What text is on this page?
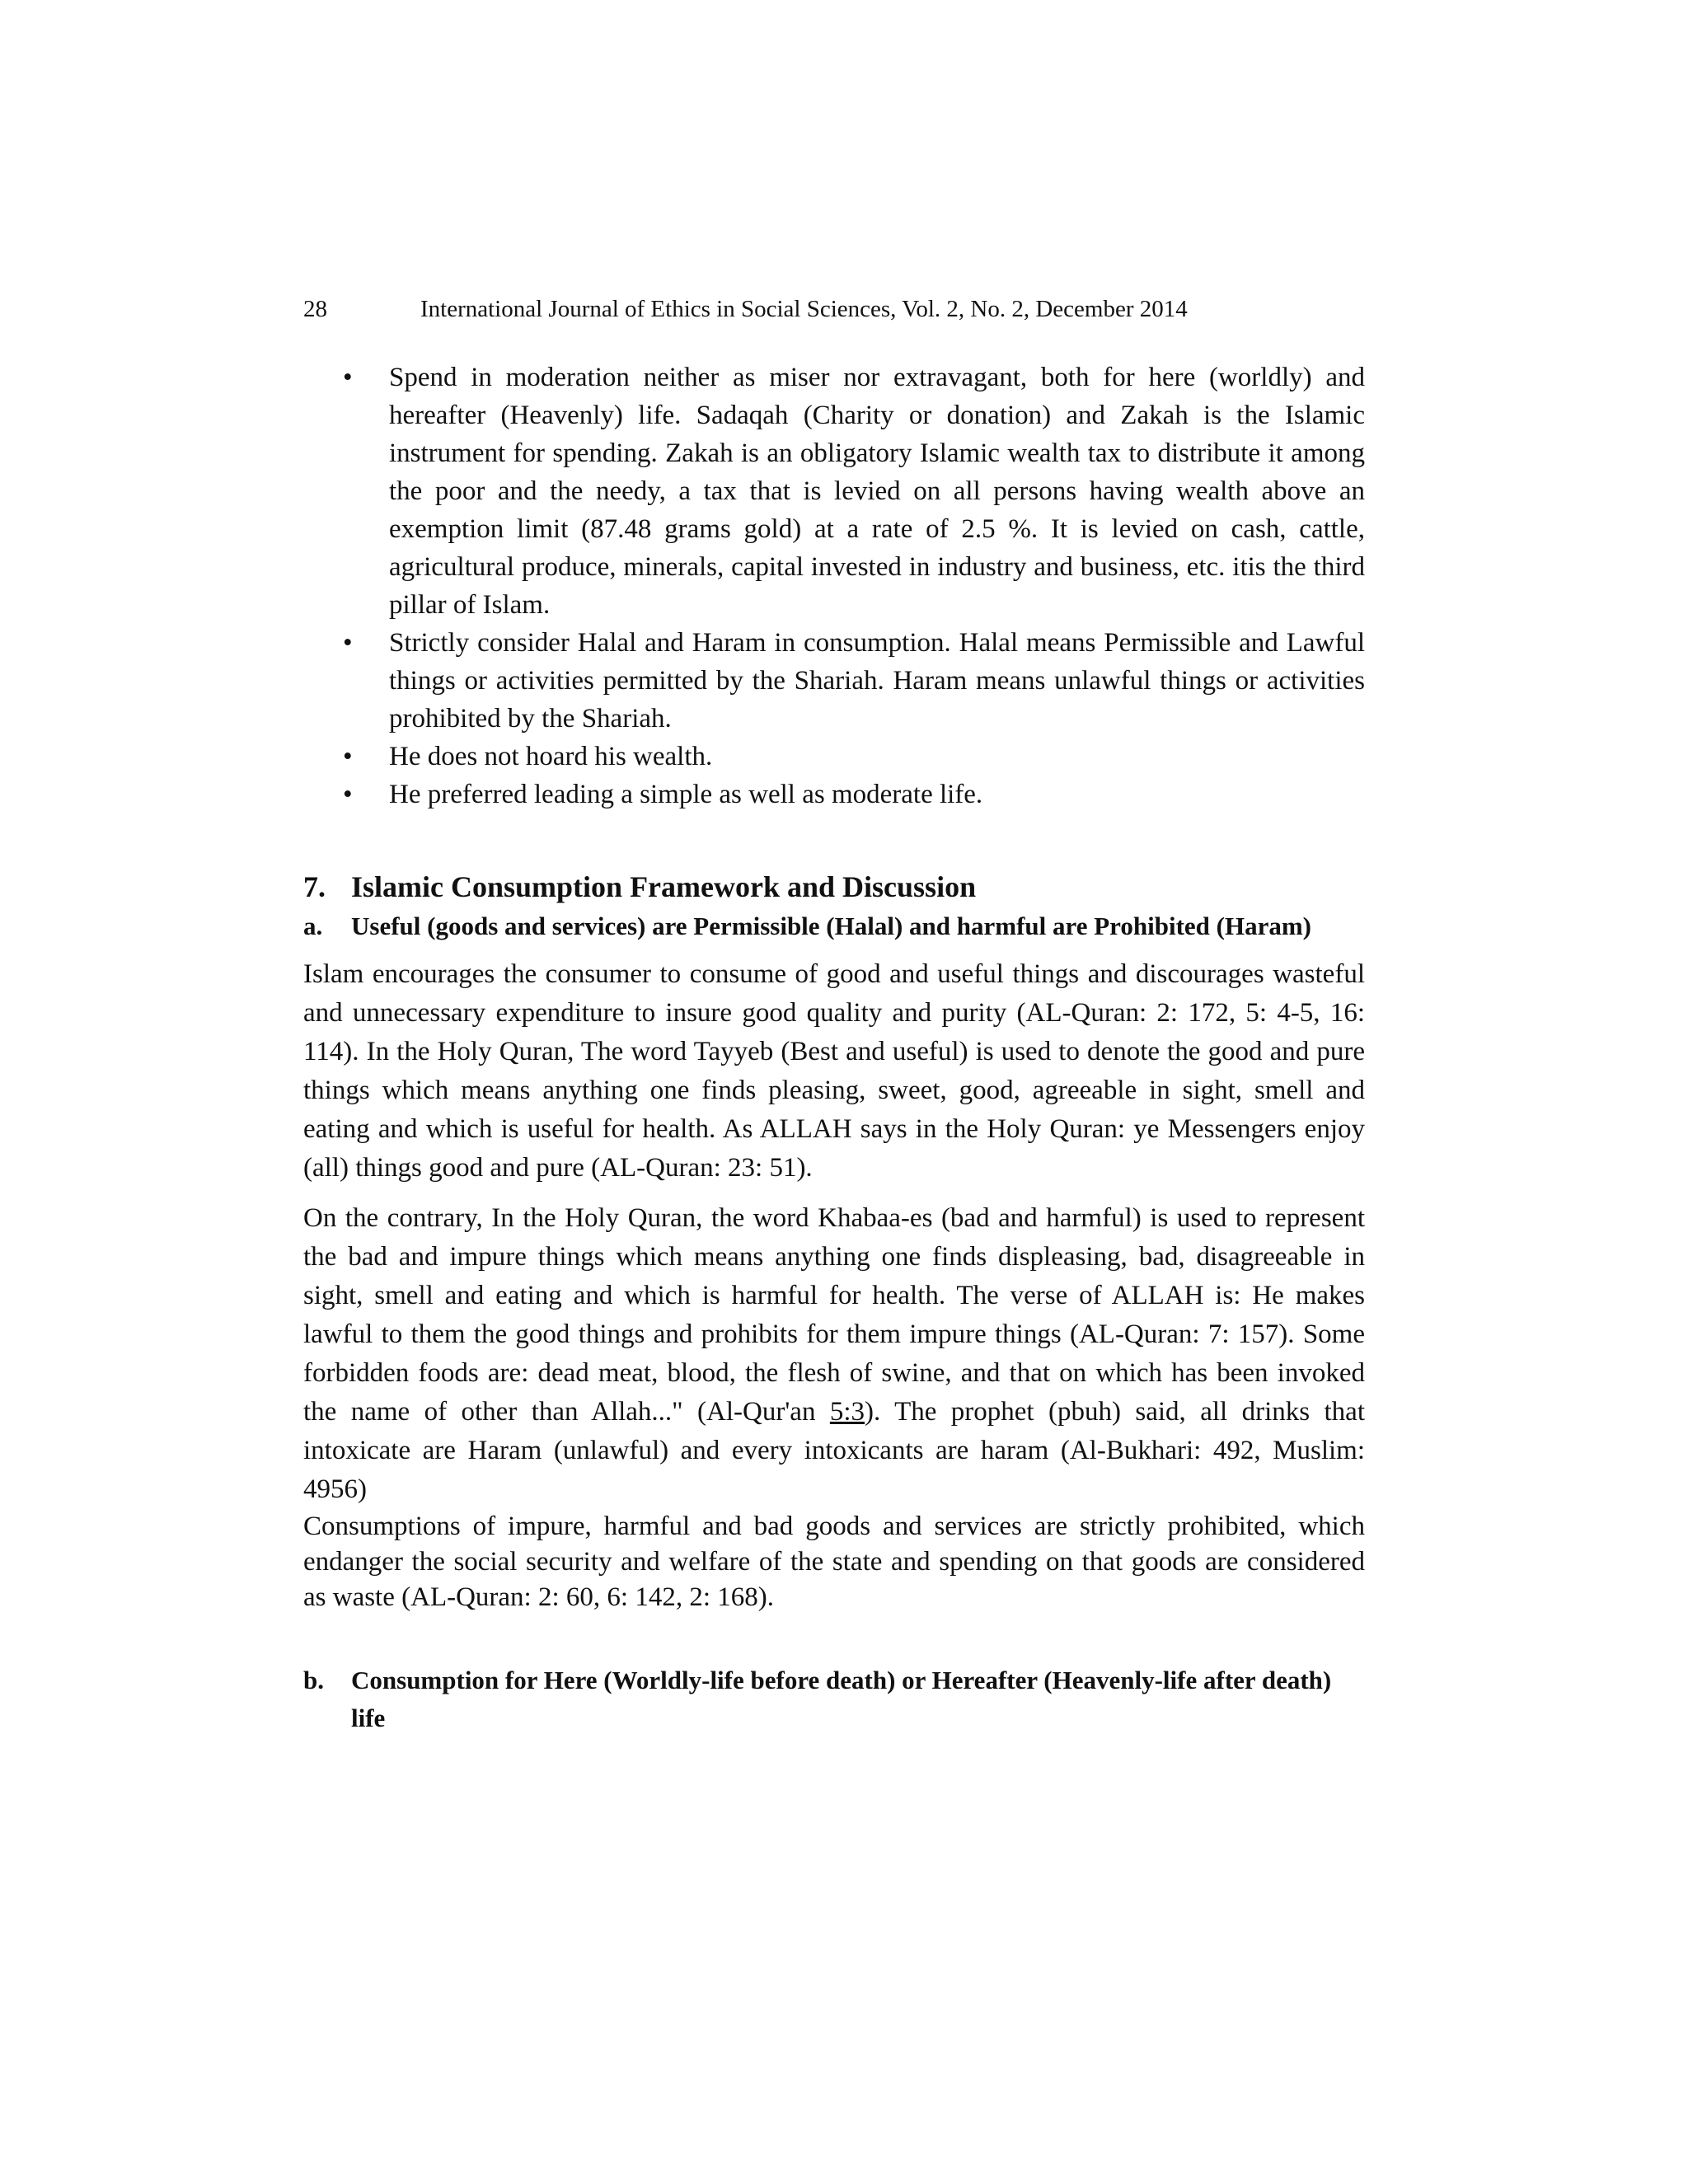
28	International Journal of Ethics in Social Sciences, Vol. 2, No. 2, December 2014
• Spend in moderation neither as miser nor extravagant, both for here (worldly) and hereafter (Heavenly) life. Sadaqah (Charity or donation) and Zakah is the Islamic instrument for spending. Zakah is an obligatory Islamic wealth tax to distribute it among the poor and the needy, a tax that is levied on all persons having wealth above an exemption limit (87.48 grams gold) at a rate of 2.5 %. It is levied on cash, cattle, agricultural produce, minerals, capital invested in industry and business, etc. itis the third pillar of Islam.
• Strictly consider Halal and Haram in consumption. Halal means Permissible and Lawful things or activities permitted by the Shariah. Haram means unlawful things or activities prohibited by the Shariah.
• He does not hoard his wealth.
• He preferred leading a simple as well as moderate life.
7. Islamic Consumption Framework and Discussion
a. Useful (goods and services) are Permissible (Halal) and harmful are Prohibited (Haram)

Islam encourages the consumer to consume of good and useful things and discourages wasteful and unnecessary expenditure to insure good quality and purity (AL-Quran: 2: 172, 5: 4-5, 16: 114). In the Holy Quran, The word Tayyeb (Best and useful) is used to denote the good and pure things which means anything one finds pleasing, sweet, good, agreeable in sight, smell and eating and which is useful for health. As ALLAH says in the Holy Quran: ye Messengers enjoy (all) things good and pure (AL-Quran: 23: 51).

On the contrary, In the Holy Quran, the word Khabaa-es (bad and harmful) is used to represent the bad and impure things which means anything one finds displeasing, bad, disagreeable in sight, smell and eating and which is harmful for health. The verse of ALLAH is: He makes lawful to them the good things and prohibits for them impure things (AL-Quran: 7: 157). Some forbidden foods are: dead meat, blood, the flesh of swine, and that on which has been invoked the name of other than Allah..." (Al-Qur'an 5:3). The prophet (pbuh) said, all drinks that intoxicate are Haram (unlawful) and every intoxicants are haram (Al-Bukhari: 492, Muslim: 4956)

Consumptions of impure, harmful and bad goods and services are strictly prohibited, which endanger the social security and welfare of the state and spending on that goods are considered as waste (AL-Quran: 2: 60, 6: 142, 2: 168).

b. Consumption for Here (Worldly-life before death) or Hereafter (Heavenly-life after death) life
